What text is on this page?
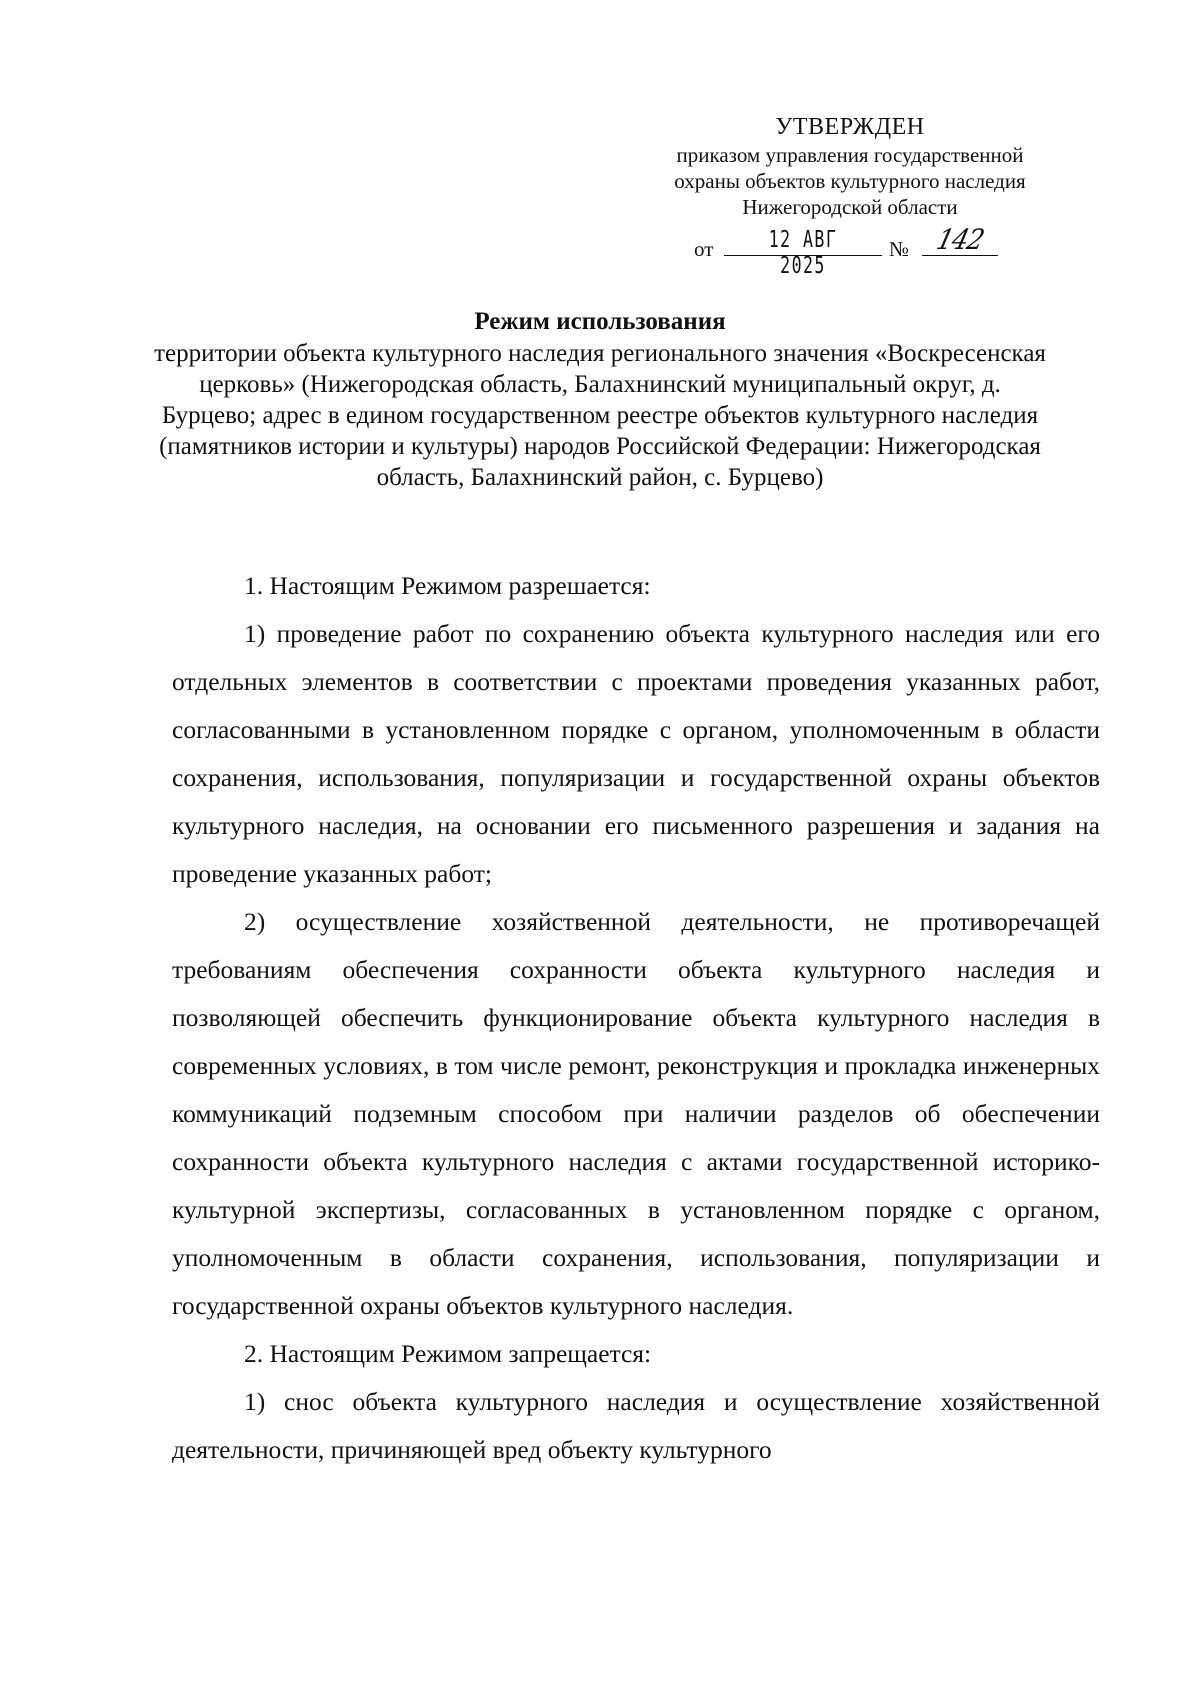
УТВЕРЖДЕН
приказом управления государственной
охраны объектов культурного наследия
Нижегородской области
от	12 АВГ 2025
№ 142
Режим использования
территории объекта культурного наследия регионального значения «Воскресенская церковь» (Нижегородская область, Балахнинский муниципальный округ, д. Бурцево; адрес в едином государственном реестре объектов культурного наследия (памятников истории и культуры) народов Российской Федерации: Нижегородская область, Балахнинский район, с. Бурцево)

1. Настоящим Режимом разрешается:

1) проведение работ по сохранению объекта культурного наследия или его отдельных элементов в соответствии с проектами проведения указанных работ, согласованными в установленном порядке с органом, уполномоченным в области сохранения, использования, популяризации и государственной охраны объектов культурного наследия, на основании его письменного разрешения и задания на проведение указанных работ;

2) осуществление хозяйственной деятельности, не противоречащей требованиям обеспечения сохранности объекта культурного наследия и позволяющей обеспечить функционирование объекта культурного наследия в современных условиях, в том числе ремонт, реконструкция и прокладка инженерных коммуникаций подземным способом при наличии разделов об обеспечении сохранности объекта культурного наследия с актами государственной историко-культурной экспертизы, согласованных в установленном порядке с органом, уполномоченным в области сохранения, использования, популяризации и государственной охраны объектов культурного наследия.

2. Настоящим Режимом запрещается:

1) снос объекта культурного наследия и осуществление хозяйственной деятельности, причиняющей вред объекту культурного
